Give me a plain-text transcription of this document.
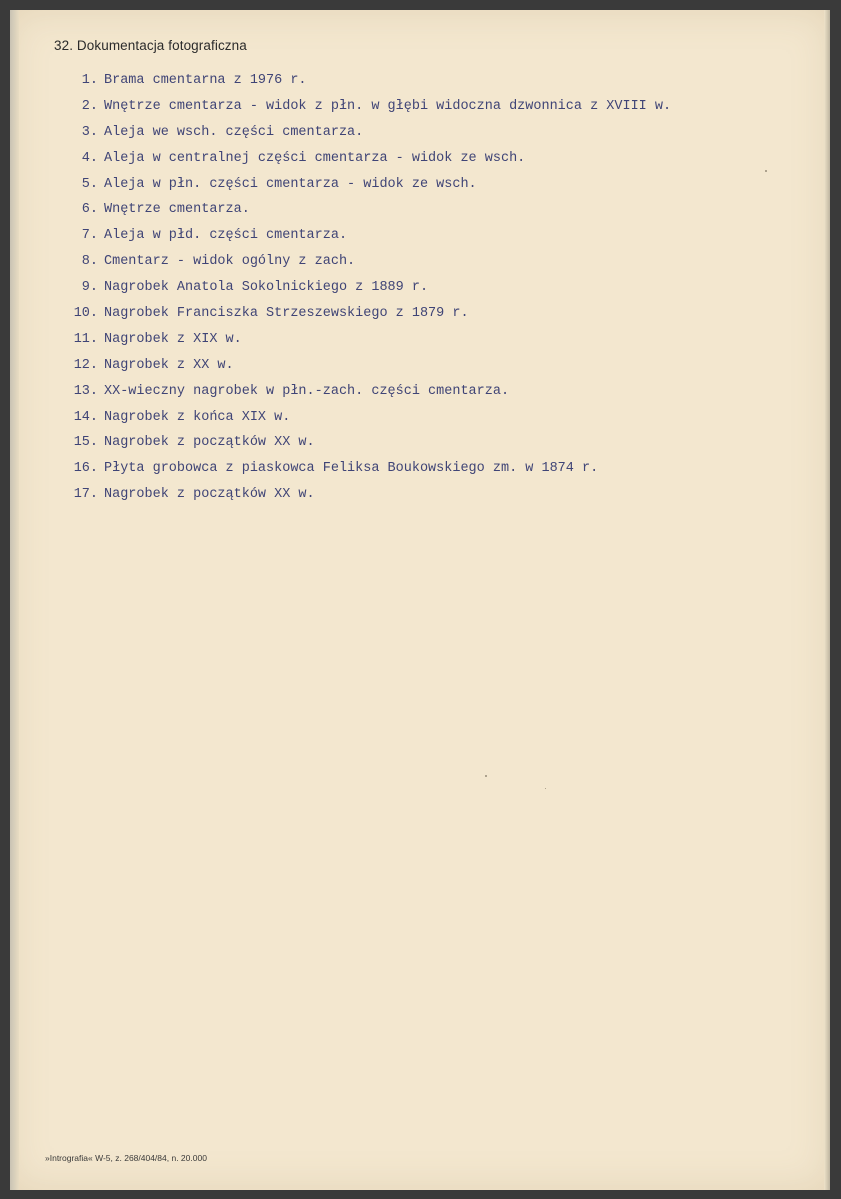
32. Dokumentacja fotograficzna
1. Brama cmentarna z 1976 r.
2. Wnętrze cmentarza - widok z płn. w głębi widoczna dzwonnica z XVIII w.
3. Aleja we wsch. części cmentarza.
4. Aleja w centralnej części cmentarza - widok ze wsch.
5. Aleja w płn. części cmentarza - widok ze wsch.
6. Wnętrze cmentarza.
7. Aleja w płd. części cmentarza.
8. Cmentarz - widok ogólny z zach.
9. Nagrobek Anatola Sokolnickiego z 1889 r.
10. Nagrobek Franciszka Strzeszewskiego z 1879 r.
11. Nagrobek z XIX w.
12. Nagrobek z XX w.
13. XX-wieczny nagrobek w płn.-zach. części cmentarza.
14. Nagrobek z końca XIX w.
15. Nagrobek z początków XX w.
16. Płyta grobowca z piaskowca Feliksa Boukowskiego zm. w 1874 r.
17. Nagrobek z początków XX w.
»Intrografia« W-5, z. 268/404/84, n. 20.000
